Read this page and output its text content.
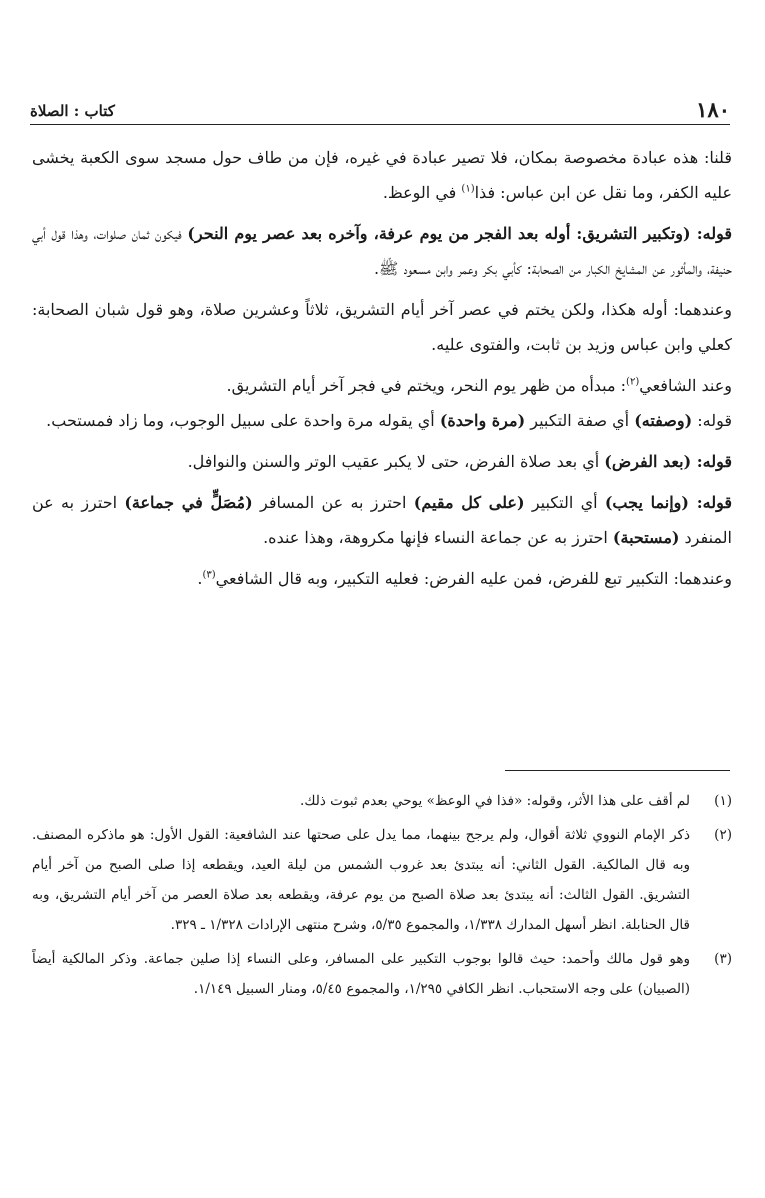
١٨٠
كتاب : الصلاة

قلنا: هذه عبادة مخصوصة بمكان، فلا تصير عبادة في غيره، فإن من طاف حول مسجد سوى الكعبة يخشى عليه الكفر، وما نقل عن ابن عباس: فذا$^{(١)}$ في الوعظ.

قوله: (وتكبير التشريق: أوله بعد الفجر من يوم عرفة، وآخره بعد عصر يوم النحر) فيكون ثمان صلوات، وهذا قول أبي حنيفة، والمأثور عن المشايخ الكبار من الصحابة: كأبي بكر وعمر وابن مسعود ﷺ.

وعندهما: أوله هكذا، ولكن يختم في عصر آخر أيام التشريق، ثلاثاً وعشرين صلاة، وهو قول شبان الصحابة: كعلي وابن عباس وزيد بن ثابت، والفتوى عليه.

وعند الشافعي$^{(٢)}$: مبدأه من ظهر يوم النحر، ويختم في فجر آخر أيام التشريق.

قوله: (وصفته) أي صفة التكبير (مرة واحدة) أي يقوله مرة واحدة على سبيل الوجوب، وما زاد فمستحب.

قوله: (بعد الفرض) أي بعد صلاة الفرض، حتى لا يكبر عقيب الوتر والسنن والنوافل.

قوله: (وإنما يجب) أي التكبير (على كل مقيم) احترز به عن المسافر (مُصَلٍّ في جماعة) احترز به عن المنفرد (مستحبة) احترز به عن جماعة النساء فإنها مكروهة، وهذا عنده.

وعندهما: التكبير تبع للفرض، فمن عليه الفرض: فعليه التكبير، وبه قال الشافعي$^{(٣)}$.

(١)
لم أقف على هذا الأثر، وقوله: «فذا في الوعظ» يوحي بعدم ثبوت ذلك.
(٢)
ذكر الإمام النووي ثلاثة أقوال، ولم يرجح بينهما، مما يدل على صحتها عند الشافعية: القول الأول: هو ماذكره المصنف. وبه قال المالكية. القول الثاني: أنه يبتدئ بعد غروب الشمس من ليلة العيد، ويقطعه إذا صلى الصبح من آخر أيام التشريق. القول الثالث: أنه يبتدئ بعد صلاة الصبح من يوم عرفة، ويقطعه بعد صلاة العصر من آخر أيام التشريق، وبه قال الحنابلة. انظر أسهل المدارك ١/٣٣٨، والمجموع ٥/٣٥، وشرح منتهى الإرادات ١/٣٢٨ ـ ٣٢٩.
(٣)
وهو قول مالك وأحمد: حيث قالوا بوجوب التكبير على المسافر، وعلى النساء إذا صلين جماعة. وذكر المالكية أيضاً (الصبيان) على وجه الاستحباب. انظر الكافي ١/٢٩٥، والمجموع ٥/٤٥، ومنار السبيل ١/١٤٩.
